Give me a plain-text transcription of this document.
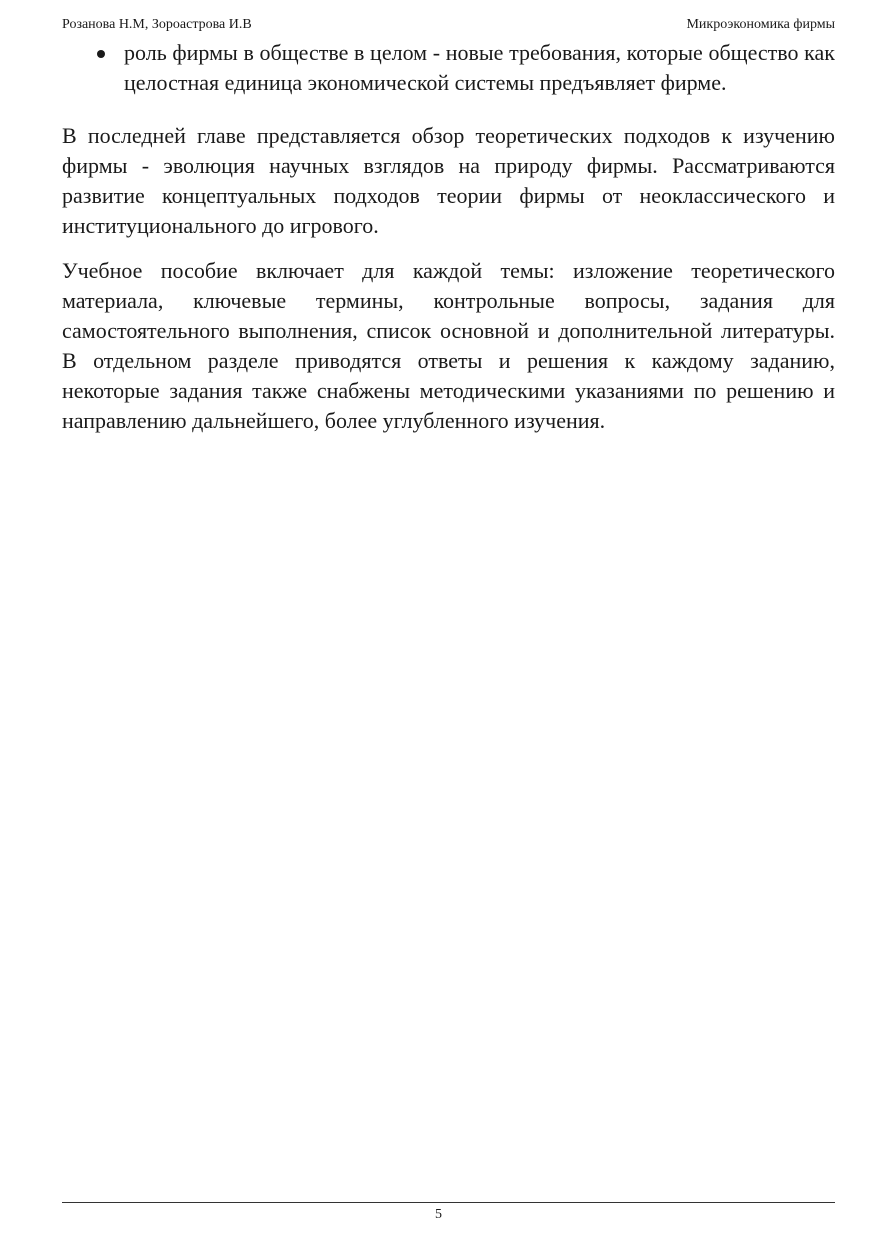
Розанова Н.М, Зороастрова И.В	Микроэкономика фирмы
роль фирмы в обществе в целом - новые требования, которые общество как целостная единица экономической системы предъявляет фирме.

В последней главе представляется обзор теоретических подходов к изучению фирмы - эволюция научных взглядов на природу фирмы. Рассматриваются развитие концептуальных подходов теории фирмы от неоклассического и институционального до игрового.

Учебное пособие включает для каждой темы: изложение теоретического материала, ключевые термины, контрольные вопросы, задания для самостоятельного выполнения, список основной и дополнительной литературы. В отдельном разделе приводятся ответы и решения к каждому заданию, некоторые задания также снабжены методическими указаниями по решению и направлению дальнейшего, более углубленного изучения.

5
